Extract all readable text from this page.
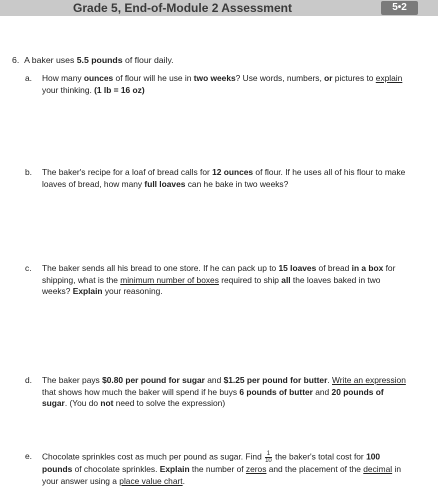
Grade 5, End-of-Module 2 Assessment	5•2
6. A baker uses 5.5 pounds of flour daily.
a. How many ounces of flour will he use in two weeks? Use words, numbers, or pictures to explain your thinking. (1 lb = 16 oz)
b. The baker's recipe for a loaf of bread calls for 12 ounces of flour. If he uses all of his flour to make loaves of bread, how many full loaves can he bake in two weeks?
c. The baker sends all his bread to one store. If he can pack up to 15 loaves of bread in a box for shipping, what is the minimum number of boxes required to ship all the loaves baked in two weeks? Explain your reasoning.
d. The baker pays $0.80 per pound for sugar and $1.25 per pound for butter. Write an expression that shows how much the baker will spend if he buys 6 pounds of butter and 20 pounds of sugar. (You do not need to solve the expression)
e. Chocolate sprinkles cost as much per pound as sugar. Find $\frac{1}{10}$ the baker's total cost for 100 pounds of chocolate sprinkles. Explain the number of zeros and the placement of the decimal in your answer using a place value chart.
